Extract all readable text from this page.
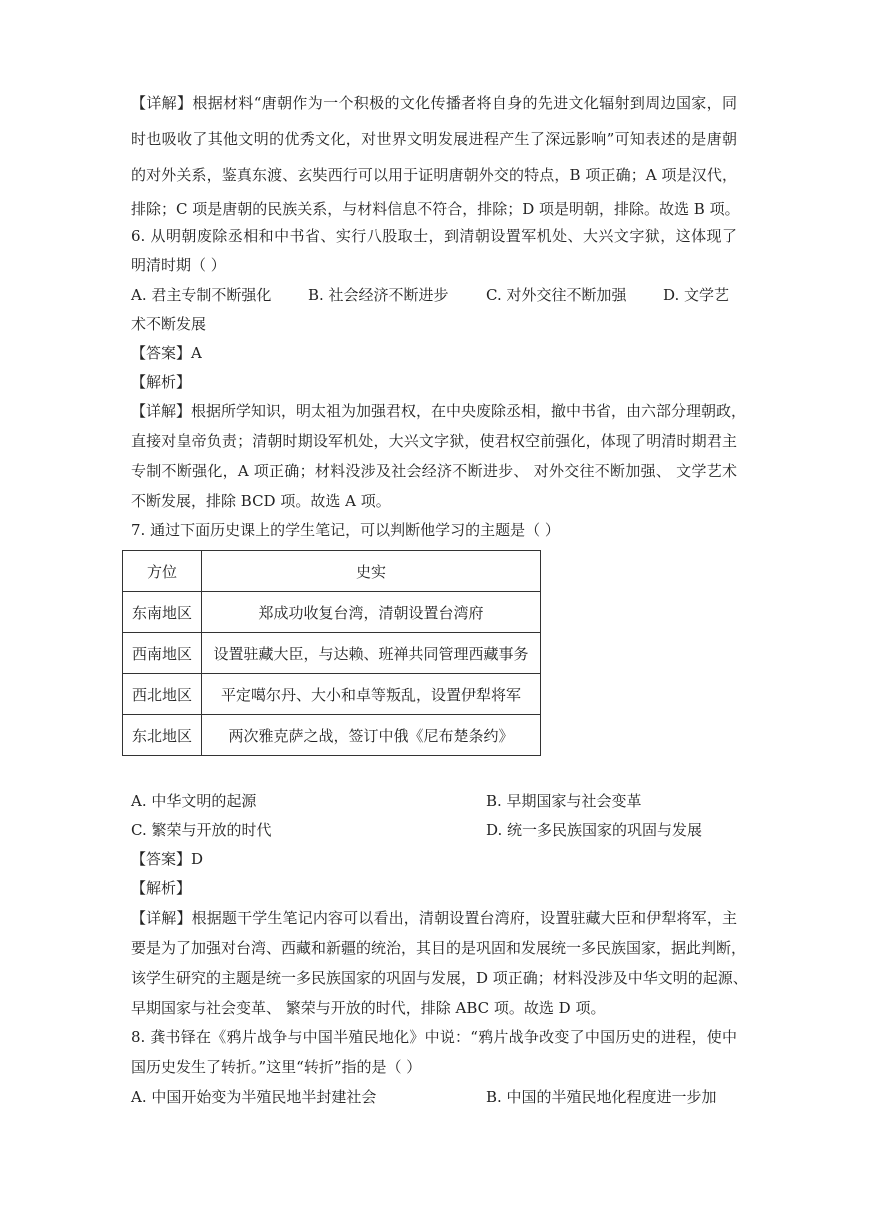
【详解】根据材料“唐朝作为一个积极的文化传播者将自身的先进文化辐射到周边国家，同
时也吸收了其他文明的优秀文化，对世界文明发展进程产生了深远影响”可知表述的是唐朝
的对外关系，鉴真东渡、玄奘西行可以用于证明唐朝外交的特点，B 项正确；A 项是汉代，
排除；C 项是唐朝的民族关系，与材料信息不符合，排除；D 项是明朝，排除。故选 B 项。
6. 从明朝废除丞相和中书省、实行八股取士，到清朝设置军机处、大兴文字狱，这体现了
明清时期（ ）
A. 君主专制不断强化 B. 社会经济不断进步 C. 对外交往不断加强 D. 文学艺
术不断发展
【答案】A
【解析】
【详解】根据所学知识，明太祖为加强君权，在中央废除丞相，撤中书省，由六部分理朝政，
直接对皇帝负责；清朝时期设军机处，大兴文字狱，使君权空前强化，体现了明清时期君主
专制不断强化，A 项正确；材料没涉及社会经济不断进步、 对外交往不断加强、 文学艺术
不断发展，排除 BCD 项。故选 A 项。
7. 通过下面历史课上的学生笔记，可以判断他学习的主题是（ ）
方位	史实
东南地区	郑成功收复台湾，清朝设置台湾府
西南地区	设置驻藏大臣，与达赖、班禅共同管理西藏事务
西北地区	平定噶尔丹、大小和卓等叛乱，设置伊犁将军
东北地区	两次雅克萨之战，签订中俄《尼布楚条约》
A. 中华文明的起源	B. 早期国家与社会变革
C. 繁荣与开放的时代	D. 统一多民族国家的巩固与发展
【答案】D
【解析】
【详解】根据题干学生笔记内容可以看出，清朝设置台湾府，设置驻藏大臣和伊犁将军，主
要是为了加强对台湾、西藏和新疆的统治，其目的是巩固和发展统一多民族国家，据此判断，
该学生研究的主题是统一多民族国家的巩固与发展，D 项正确；材料没涉及中华文明的起源、
早期国家与社会变革、 繁荣与开放的时代，排除 ABC 项。故选 D 项。
8. 龚书铎在《鸦片战争与中国半殖民地化》中说：“鸦片战争改变了中国历史的进程，使中
国历史发生了转折。”这里“转折”指的是（ ）
A. 中国开始变为半殖民地半封建社会	B. 中国的半殖民地化程度进一步加
